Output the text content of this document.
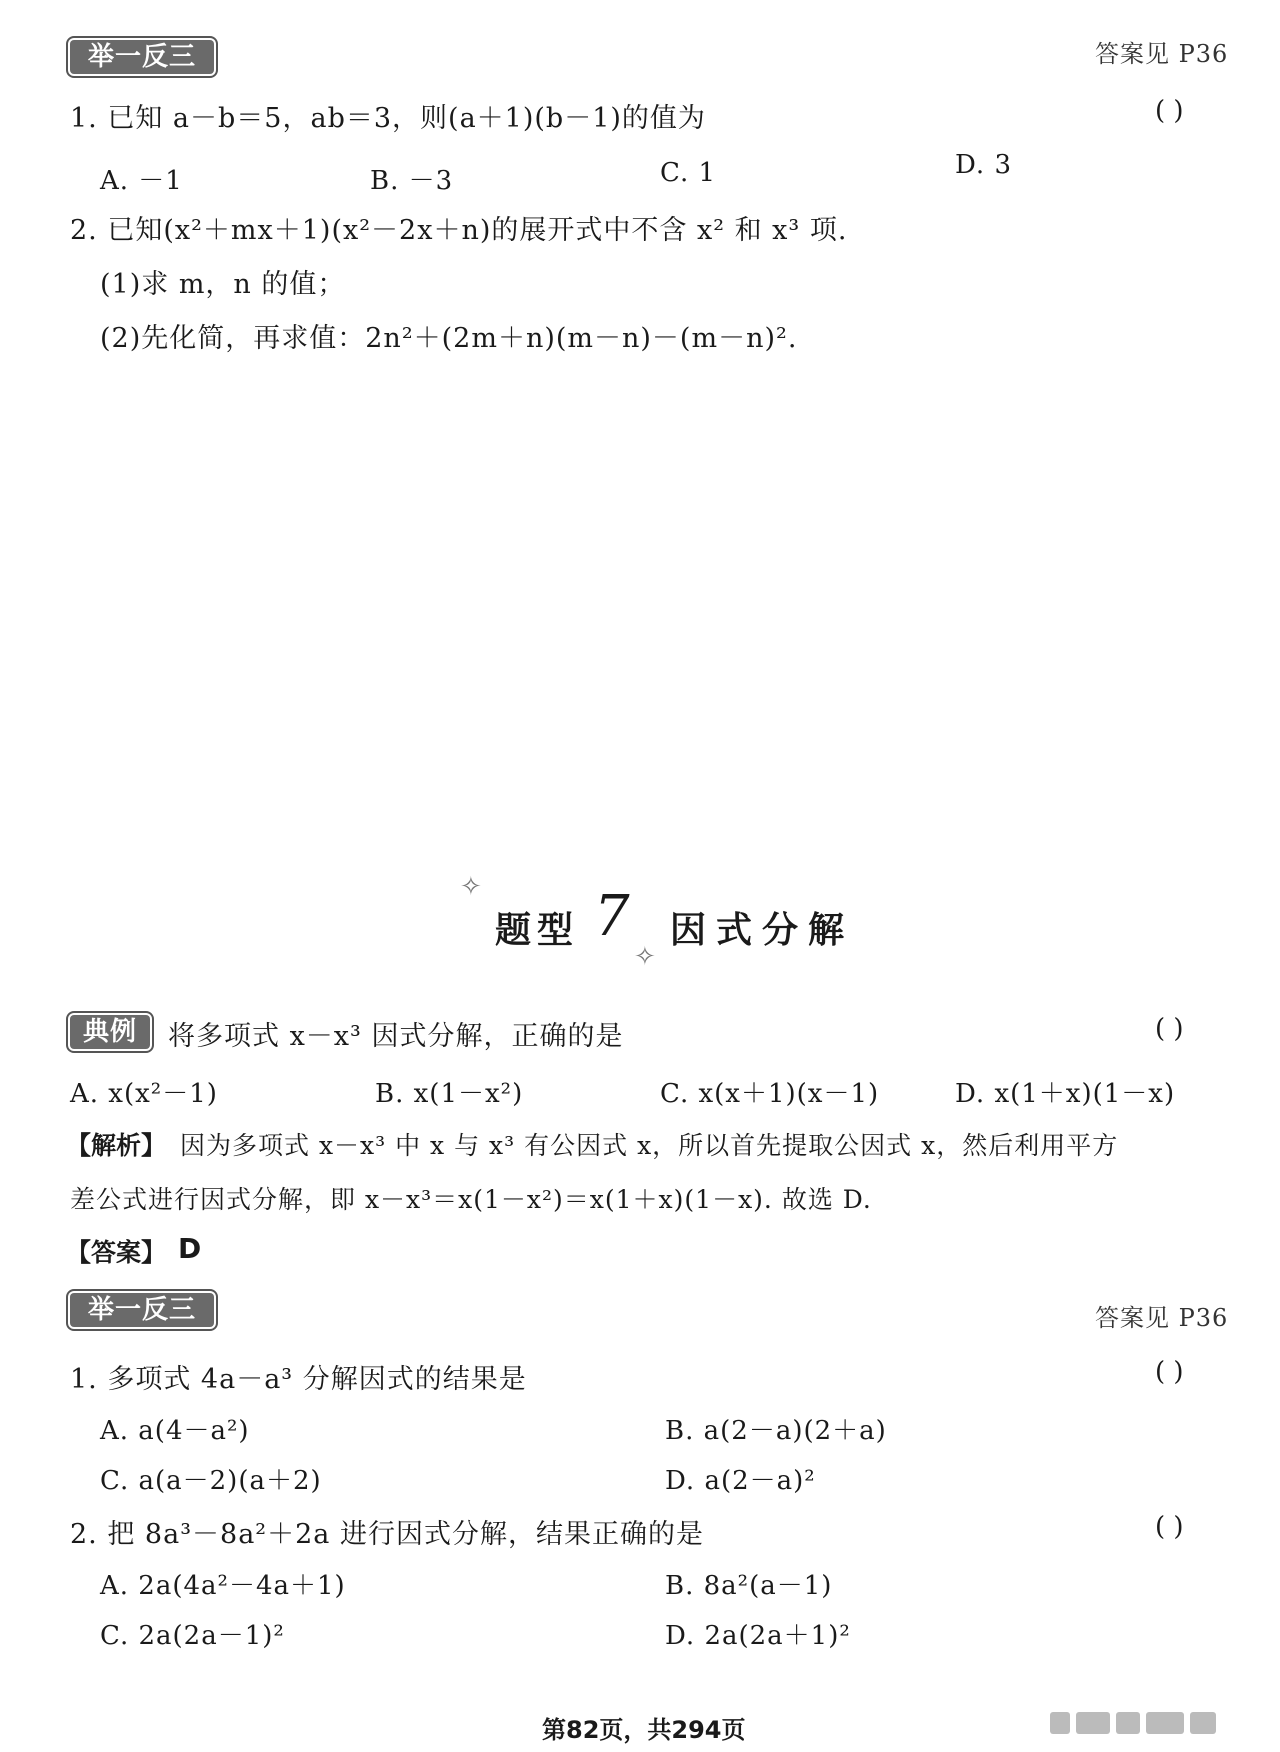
举一反三	答案见 P36
1. 已知 a－b＝5，ab＝3，则(a＋1)(b－1)的值为	( )
A. －1	B. －3	C. 1	D. 3
2. 已知(x²＋mx＋1)(x²－2x＋n)的展开式中不含 x² 和 x³ 项.
(1)求 m，n 的值；
(2)先化简，再求值：2n²＋(2m＋n)(m－n)－(m－n)².
✧
题型 7
✧
因式分解
典例	将多项式 x－x³ 因式分解，正确的是	( )
A. x(x²－1)	B. x(1－x²)	C. x(x＋1)(x－1)	D. x(1＋x)(1－x)
【解析】 因为多项式 x－x³ 中 x 与 x³ 有公因式 x，所以首先提取公因式 x，然后利用平方
差公式进行因式分解，即 x－x³＝x(1－x²)＝x(1＋x)(1－x). 故选 D.
【答案】 D
举一反三	答案见 P36
1. 多项式 4a－a³ 分解因式的结果是	( )
A. a(4－a²)	B. a(2－a)(2＋a)
C. a(a－2)(a＋2)	D. a(2－a)²
2. 把 8a³－8a²＋2a 进行因式分解，结果正确的是	( )
A. 2a(4a²－4a＋1)	B. 8a²(a－1)
C. 2a(2a－1)²	D. 2a(2a＋1)²
第82页，共294页
